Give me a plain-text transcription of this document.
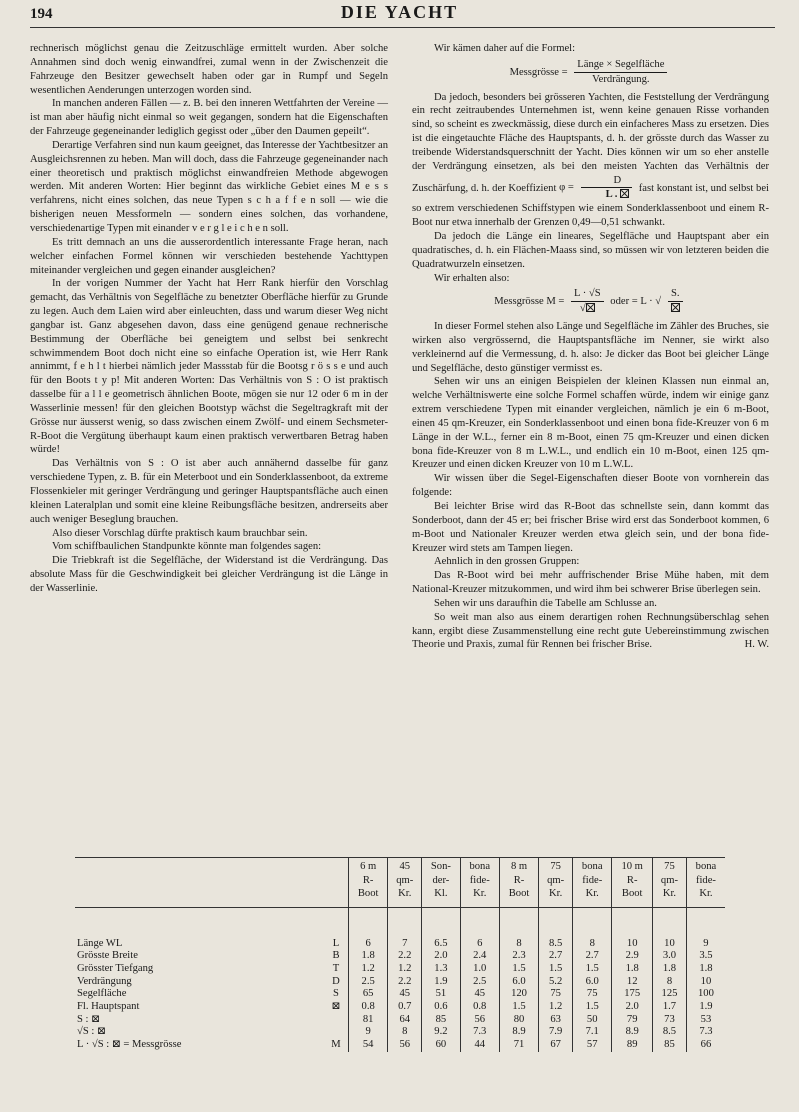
194	DIE YACHT

rechnerisch möglichst genau die Zeitzuschläge ermittelt wurden. Aber solche Annahmen sind doch wenig einwandfrei, zumal wenn in der Zwischenzeit die Fahrzeuge den Besitzer gewechselt haben oder gar in Rumpf und Segeln wesentlichen Aenderungen unterzogen worden sind.

In manchen anderen Fällen — z. B. bei den inneren Wettfahrten der Vereine — ist man aber häufig nicht einmal so weit gegangen, sondern hat die Eigenschaften der Fahrzeuge gegeneinander lediglich gegisst oder „über den Daumen gepeilt“.

Derartige Verfahren sind nun kaum geeignet, das Interesse der Yachtbesitzer an Ausgleichsrennen zu heben. Man will doch, dass die Fahrzeuge gegeneinander nach einer theoretisch und praktisch möglichst einwandfreien Methode abgewogen werden. Mit anderen Worten: Hier beginnt das wirkliche Gebiet eines M e s s verfahrens, nicht eines solchen, das neue Typen s c h a f f e n soll — wie die bisherigen neuen Messformeln — sondern eines solchen, das vorhandene, verschiedenartige Typen mit einander v e r g l e i c h e n soll.

Es tritt demnach an uns die ausserordentlich interessante Frage heran, nach welcher einfachen Formel können wir verschieden bestehende Yachttypen miteinander vergleichen und gegen einander ausgleichen?

In der vorigen Nummer der Yacht hat Herr Rank hierfür den Vorschlag gemacht, das Verhältnis von Segelfläche zu benetzter Oberfläche hierfür zu Grunde zu legen. Auch dem Laien wird aber einleuchten, dass und warum dieser Weg nicht gangbar ist. Ganz abgesehen davon, dass eine genügend genaue rechnerische Bestimmung der Oberfläche bei geneigtem und selbst bei senkrecht schwimmendem Boot doch nicht eine so einfache Operation ist, wie Herr Rank annimmt, f e h l t hierbei nämlich jeder Massstab für die Bootsg r ö s s e und auch für den Boots t y p! Mit anderen Worten: Das Verhältnis von S : O ist praktisch dasselbe für a l l e geometrisch ähnlichen Boote, mögen sie nur 12 oder 6 m in der Wasserlinie messen! für den gleichen Bootstyp wächst die Segeltragkraft mit der Grösse nur äusserst wenig, so dass zwischen einem Zwölf- und einem Sechsmeter-R-Boot die Vergütung überhaupt kaum einen praktisch verwertbaren Betrag haben würde!

Das Verhältnis von S : O ist aber auch annähernd dasselbe für ganz verschiedene Typen, z. B. für ein Meterboot und ein Sonderklassenboot, da extreme Flossenkieler mit geringer Verdrängung und geringer Hauptspantsfläche auch einen kleinen Lateralplan und somit eine kleine Reibungsfläche besitzen, andrerseits aber auch weniger Beseglung brauchen.

Also dieser Vorschlag dürfte praktisch kaum brauchbar sein.

Vom schiffbaulichen Standpunkte könnte man folgendes sagen:

Die Triebkraft ist die Segelfläche, der Widerstand ist die Verdrängung. Das absolute Mass für die Geschwindigkeit bei gleicher Verdrängung ist die Länge in der Wasserlinie.

Wir kämen daher auf die Formel:

Messgrösse = $\frac{\text{Länge × Segelfläche}}{\text{Verdrängung.}}$

Da jedoch, besonders bei grösseren Yachten, die Feststellung der Verdrängung ein recht zeitraubendes Unternehmen ist, wenn keine genauen Risse vorhanden sind, so scheint es zweckmässig, diese durch ein einfacheres Mass zu ersetzen. Dies ist die eingetauchte Fläche des Hauptspants, d. h. der grösste durch das Wasser zu treibende Widerstandsquerschnitt der Yacht. Dies können wir um so eher anstelle der Verdrängung einsetzen, als bei den meisten Yachten das Verhältnis der Zuschärfung, d. h. der Koeffizient $\varphi = \frac{D}{L .}$ fast konstant ist, und selbst bei so extrem verschiedenen Schiffstypen wie einem Sonderklassenboot und einem R-Boot nur etwa innerhalb der Grenzen 0,49—0,51 schwankt.

Da jedoch die Länge ein lineares, Segelfläche und Hauptspant aber ein quadratisches, d. h. ein Flächen-Maass sind, so müssen wir von letzteren beiden die Quadratwurzeln einsetzen.

Wir erhalten also:

Messgrösse $M = \frac{L \cdot √S}{√}$ oder = L · √
S.

In dieser Formel stehen also Länge und Segelfläche im Zähler des Bruches, sie wirken also vergrössernd, die Hauptspantsfläche im Nenner, sie wirkt also verkleinernd auf die Vermessung, d. h. also: Je dicker das Boot bei gleicher Länge und Segelfläche, desto günstiger vermisst es.

Sehen wir uns an einigen Beispielen der kleinen Klassen nun einmal an, welche Verhältniswerte eine solche Formel schaffen würde, indem wir einige ganz extrem verschiedene Typen mit einander vergleichen, nämlich je ein 6 m-Boot, einen 45 qm-Kreuzer, ein Sonderklassenboot und einen bona fide-Kreuzer von 6 m Länge in der W.L., ferner ein 8 m-Boot, einen 75 qm-Kreuzer und einen dicken bona fide-Kreuzer von 8 m L.W.L., und endlich ein 10 m-Boot, einen 125 qm-Kreuzer und einen dicken Kreuzer von 10 m L.W.L.

Wir wissen über die Segel-Eigenschaften dieser Boote von vornherein das folgende:

Bei leichter Brise wird das R-Boot das schnellste sein, dann kommt das Sonderboot, dann der 45 er; bei frischer Brise wird erst das Sonderboot kommen, 6 m-Boot und Nationaler Kreuzer werden etwa gleich sein, und der bona fide-Kreuzer wird stets am Tampen liegen.

Aehnlich in den grossen Gruppen:

Das R-Boot wird bei mehr auffrischender Brise Mühe haben, mit dem National-Kreuzer mitzukommen, und wird ihm bei schwerer Brise überlegen sein.

Sehen wir uns daraufhin die Tabelle am Schlusse an.

So weit man also aus einem derartigen rohen Rechnungsüberschlag sehen kann, ergibt diese Zusammenstellung eine recht gute Uebereinstimmung zwischen Theorie und Praxis, zumal für Rennen bei frischer Brise.	H. W.

		6 m
R-
Boot	45
qm-
Kr.	Son-
der-
Kl.	bona
fide-
Kr.	8 m
R-
Boot	75
qm-
Kr.	bona
fide-
Kr.	10 m
R-
Boot	75
qm-
Kr.	bona
fide-
Kr.

Länge WL	L	6	7	6.5	6	8	8.5	8	10	10	9
Grösste Breite	B	1.8	2.2	2.0	2.4	2.3	2.7	2.7	2.9	3.0	3.5
Grösster Tiefgang	T	1.2	1.2	1.3	1.0	1.5	1.5	1.5	1.8	1.8	1.8
Verdrängung	D	2.5	2.2	1.9	2.5	6.0	5.2	6.0	12	8	10
Segelfläche	S	65	45	51	45	120	75	75	175	125	100
Fl. Hauptspant	⊠	0.8	0.7	0.6	0.8	1.5	1.2	1.5	2.0	1.7	1.9
S : ⊠		81	64	85	56	80	63	50	79	73	53
√S : ⊠		9	8	9.2	7.3	8.9	7.9	7.1	8.9	8.5	7.3
L · √S : ⊠ = Messgrösse	M	54	56	60	44	71	67	57	89	85	66
